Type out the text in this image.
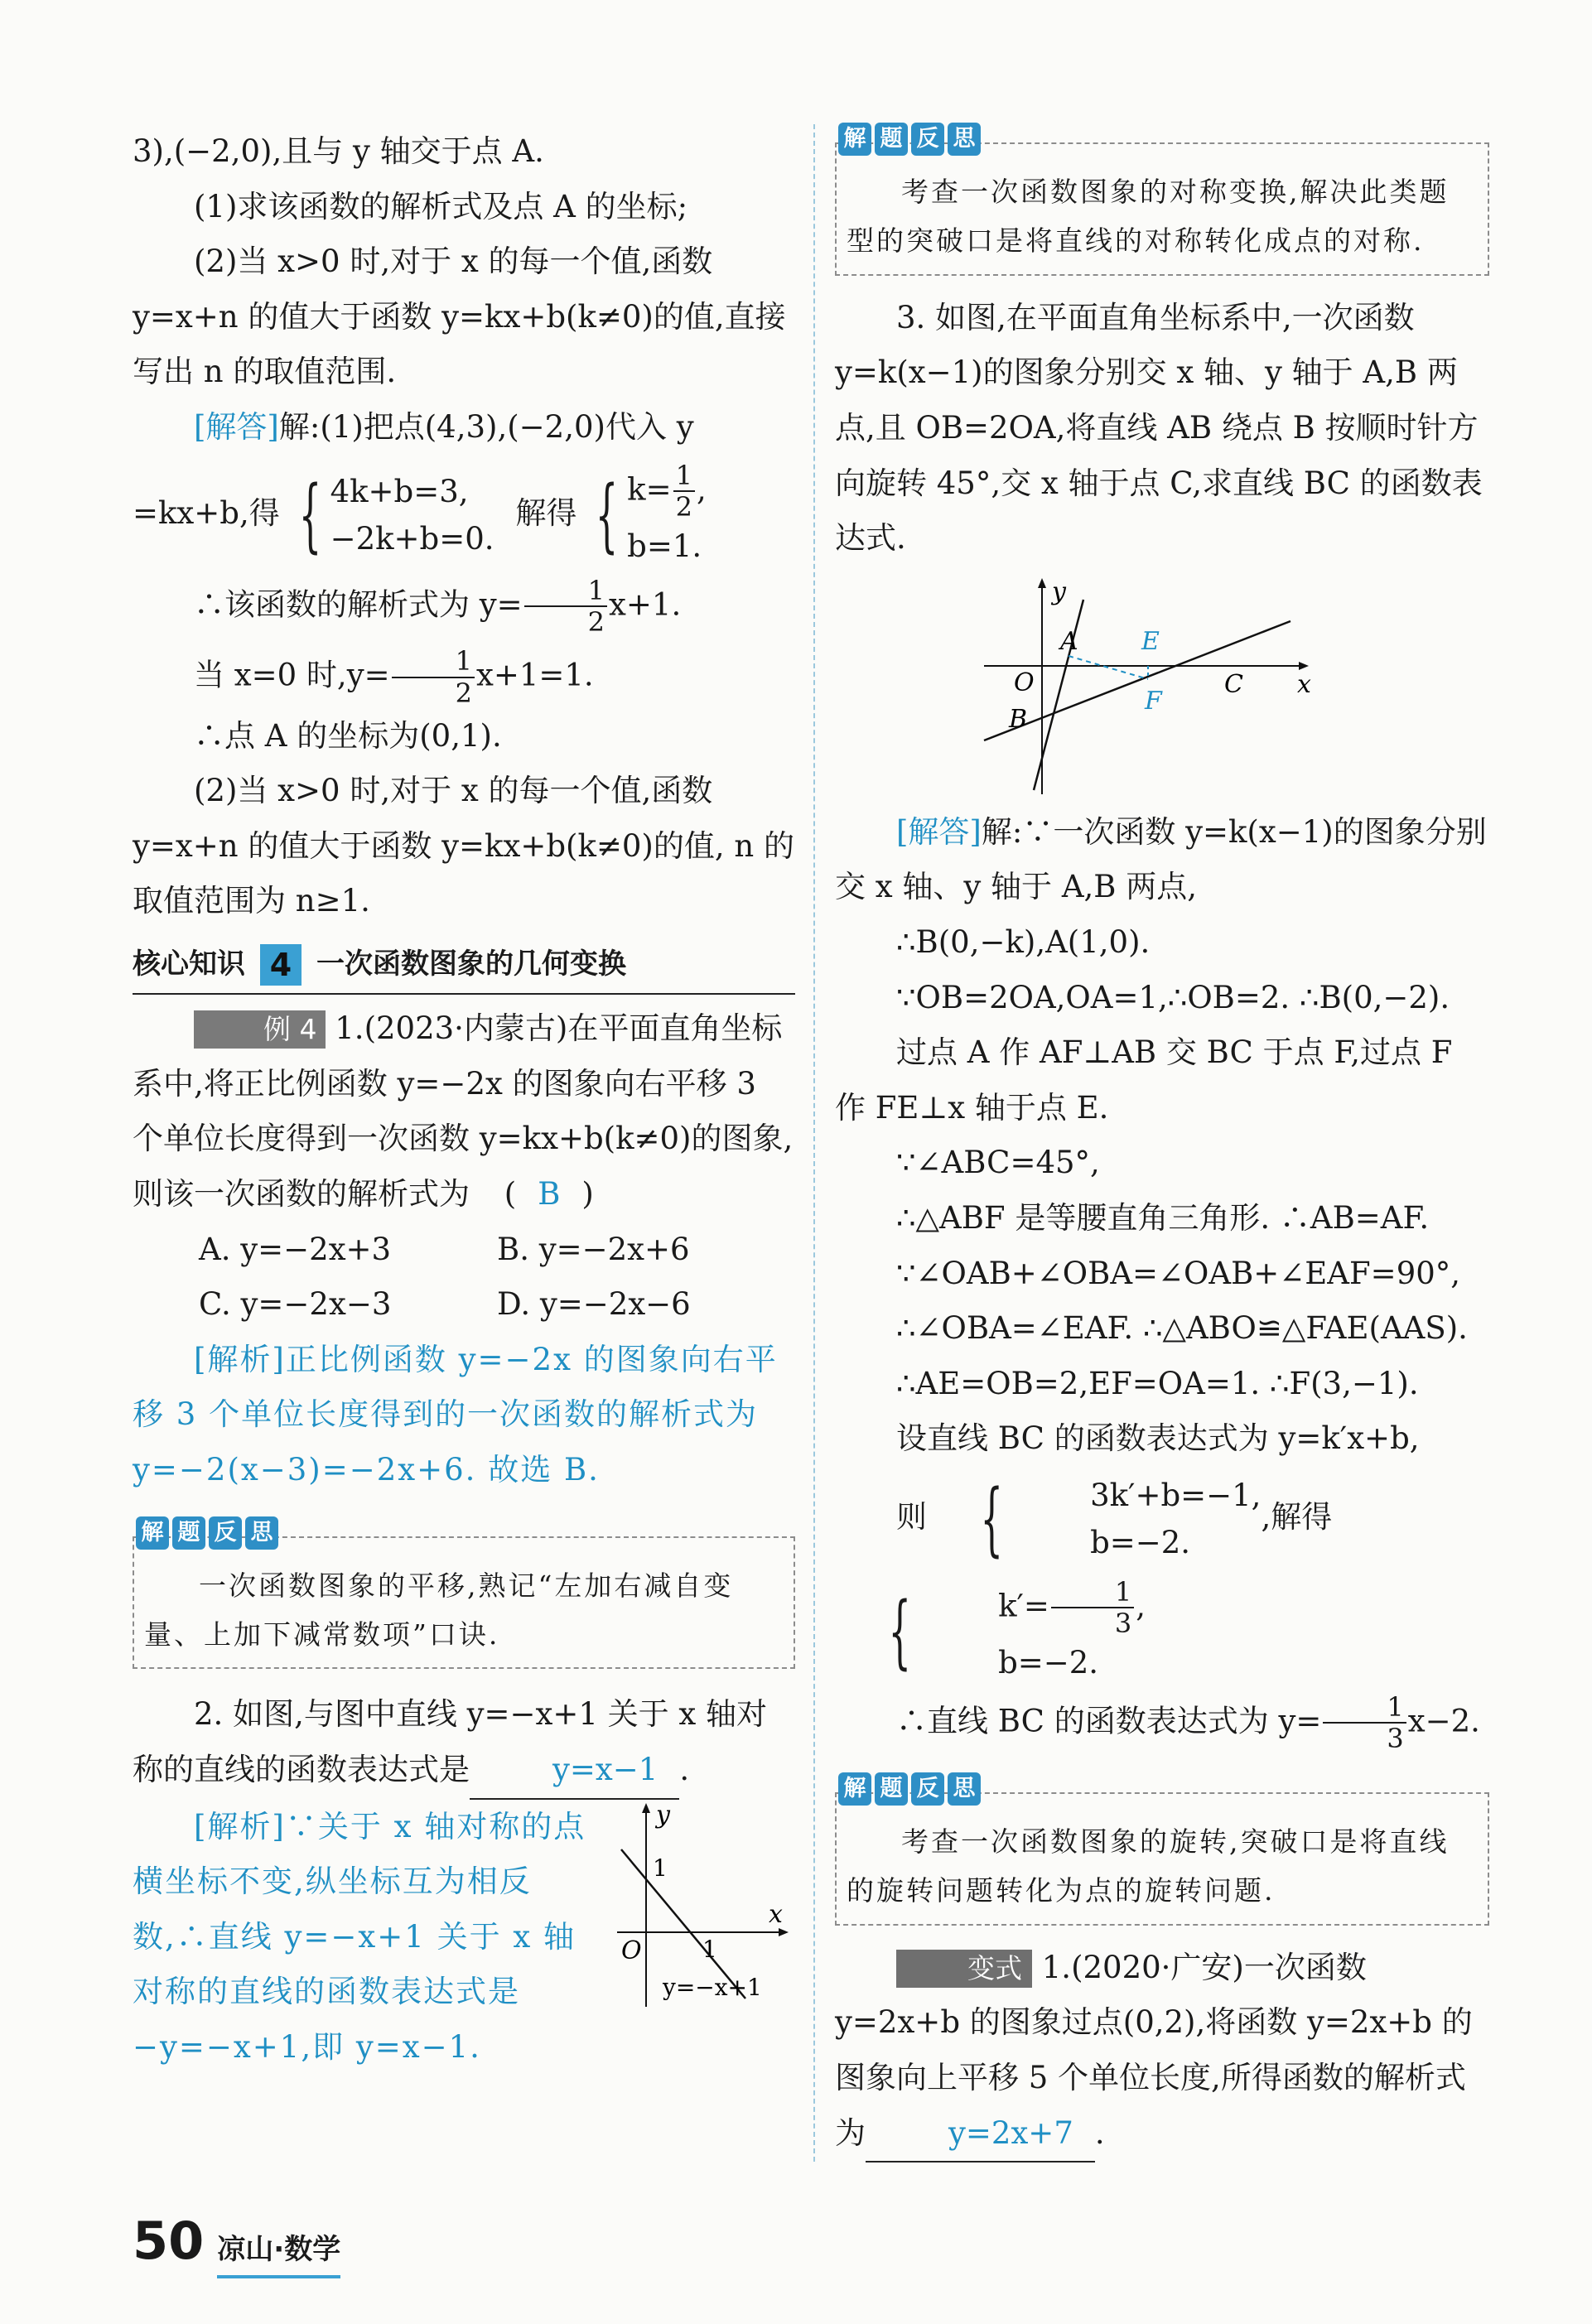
3),(−2,0),且与 y 轴交于点 A.

(1)求该函数的解析式及点 A 的坐标;

(2)当 x>0 时,对于 x 的每一个值,函数 y=x+n 的值大于函数 y=kx+b(k≠0)的值,直接写出 n 的取值范围.

[解答]解:(1)把点(4,3),(−2,0)代入 y

=kx+b,得 { 4k+b=3,
−2k+b=0.
解得 { $k= \frac{1}{2}$ ,
b=1.

∴该函数的解析式为 $y= \frac{1}{2} x+1$.

当 x=0 时$,y= \frac{1}{2} x+1=1$.

∴点 A 的坐标为(0,1).

(2)当 x>0 时,对于 x 的每一个值,函数 y=x+n 的值大于函数 y=kx+b(k≠0)的值, n 的取值范围为 n≥1.

核心知识 4 一次函数图象的几何变换

例 4 1.(2023·内蒙古)在平面直角坐标系中,将正比例函数 y=−2x 的图象向右平移 3 个单位长度得到一次函数 y=kx+b(k≠0)的图象,则该一次函数的解析式为 ( B )

A. y=−2x+3	B. y=−2x+6
C. y=−2x−3	D. y=−2x−6

[解析]正比例函数 y=−2x 的图象向右平移 3 个单位长度得到的一次函数的解析式为 y=−2(x−3)=−2x+6. 故选 B.

解 题 反 思

一次函数图象的平移,熟记“左加右减自变量、上加下减常数项”口诀.

2. 如图,与图中直线 y=−x+1 关于 x 轴对称的直线的函数表达式是	y=x−1 .

[解析]∵关于 x 轴对称的点横坐标不变,纵坐标互为相反数,∴直线 y=−x+1 关于 x 轴对称的直线的函数表达式是 −y=−x+1,即 y=x−1.

y
x
O
1
1
y=−x+1
解 题 反 思

考查一次函数图象的对称变换,解决此类题型的突破口是将直线的对称转化成点的对称.

3. 如图,在平面直角坐标系中,一次函数 y=k(x−1)的图象分别交 x 轴、y 轴于 A,B 两点,且 OB=2OA,将直线 AB 绕点 B 按顺时针方向旋转 45°,交 x 轴于点 C,求直线 BC 的函数表达式.

y
x
A
O
B
E
F
C

[解答]解:∵一次函数 y=k(x−1)的图象分别交 x 轴、y 轴于 A,B 两点,

∴B(0,−k),A(1,0).

∵OB=2OA,OA=1,∴OB=2. ∴B(0,−2).

过点 A 作 AF⊥AB 交 BC 于点 F,过点 F 作 FE⊥x 轴于点 E.

∵∠ABC=45°,

∴△ABF 是等腰直角三角形. ∴AB=AF.

∵∠OAB+∠OBA=∠OAB+∠EAF=90°,

∴∠OBA=∠EAF. ∴△ABO≌△FAE(AAS).

∴AE=OB=2,EF=OA=1. ∴F(3,−1).

设直线 BC 的函数表达式为 y=k′x+b,

则 {	3k′+b=−1,
b=−2.
,解得
{	$k'= \frac{1}{3}$ ,
b=−2.

∴直线 BC 的函数表达式为 $y= \frac{1}{3} x-2$.

解 题 反 思

考查一次函数图象的旋转,突破口是将直线的旋转问题转化为点的旋转问题.

变式 1.(2020·广安)一次函数 y=2x+b 的图象过点(0,2),将函数 y=2x+b 的图象向上平移 5 个单位长度,所得函数的解析式为	y=2x+7 .

50 凉山·数学
